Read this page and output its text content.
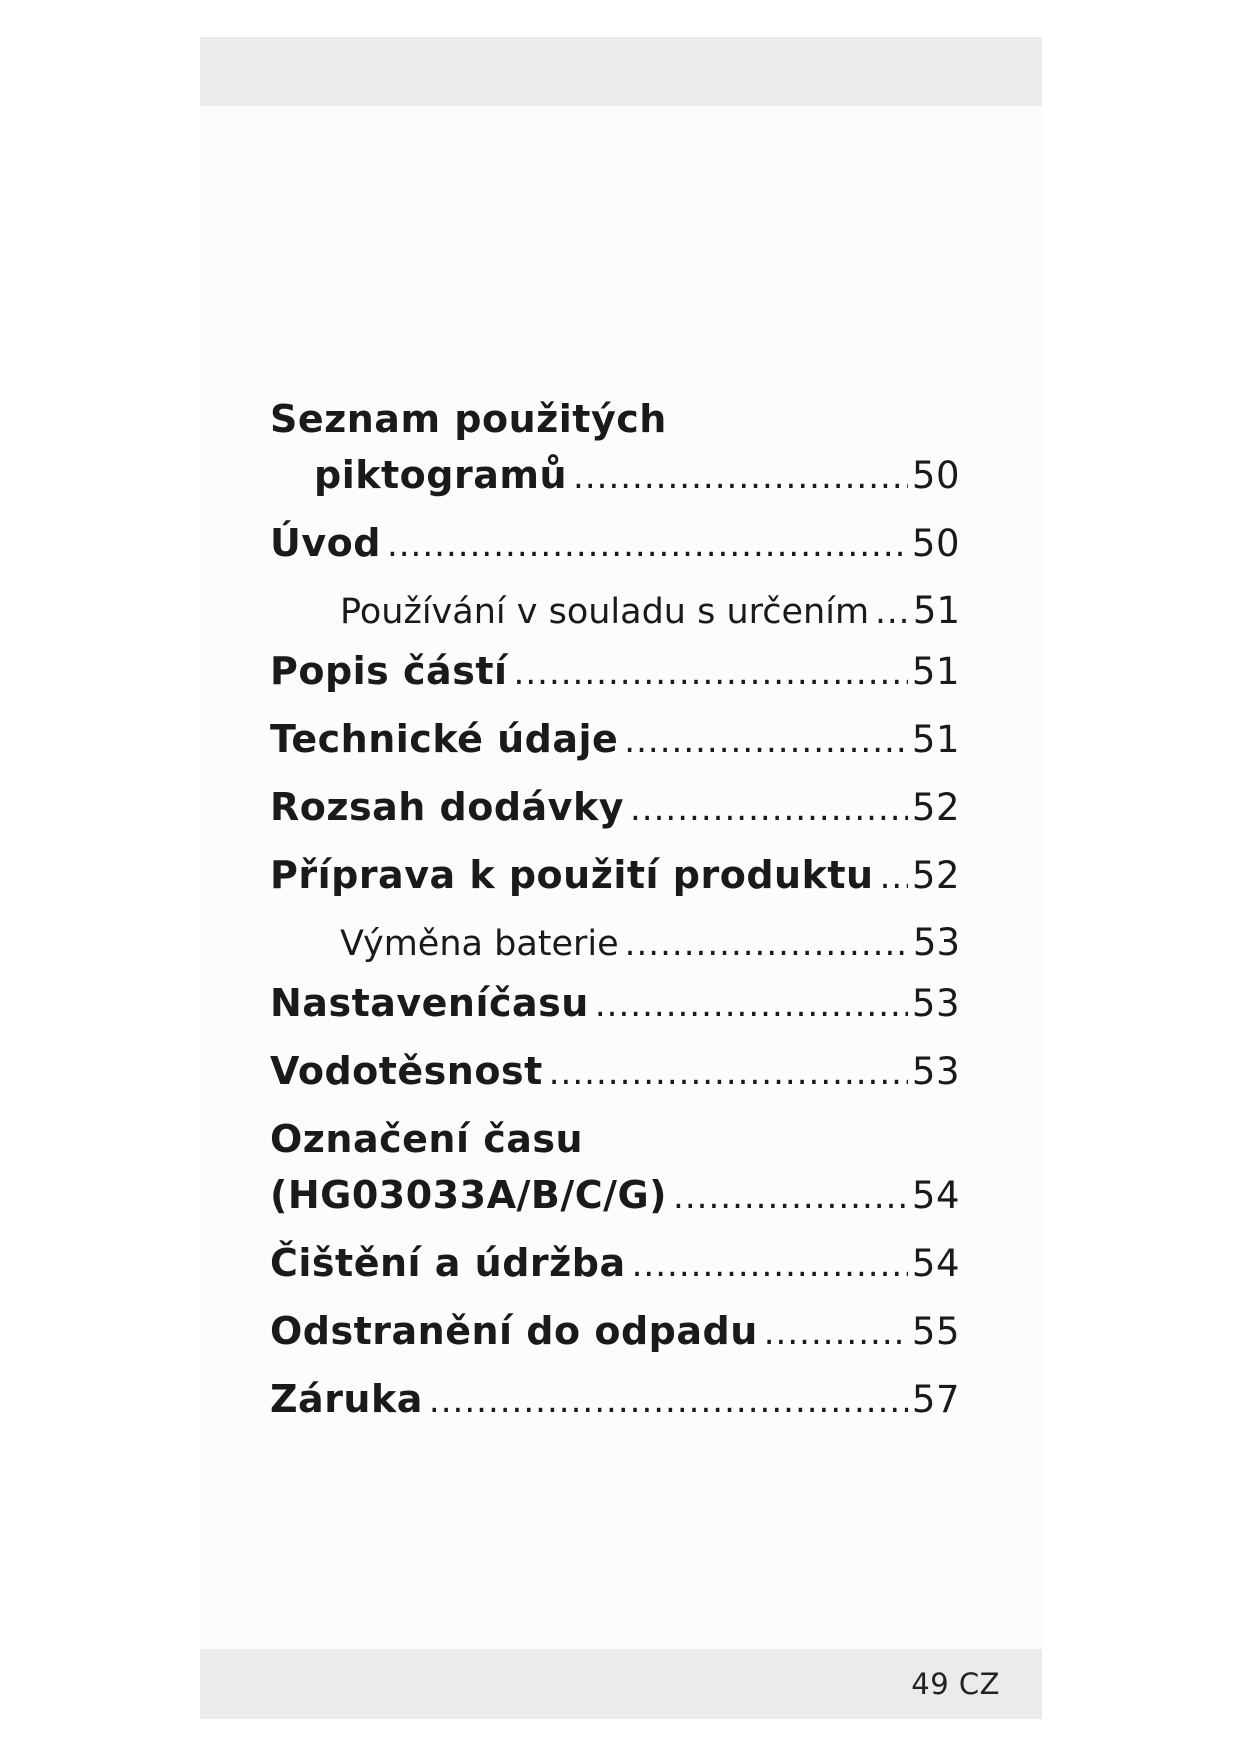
Seznam použitých
piktogramů .....	50
Úvod .....	50
Používání v souladu s určením ..... 51
Popis částí .....	51
Technické údaje .....	51
Rozsah dodávky .....	52
Příprava k použití produktu ..... 52
Výměna baterie .....	53
Nastaveníčasu .....	53
Vodotěsnost .....	53
Označení času
(HG03033A/B/C/G) .....	54
Čištění a údržba .....	54
Odstranění do odpadu .....	55
Záruka .....	57
49 CZ
